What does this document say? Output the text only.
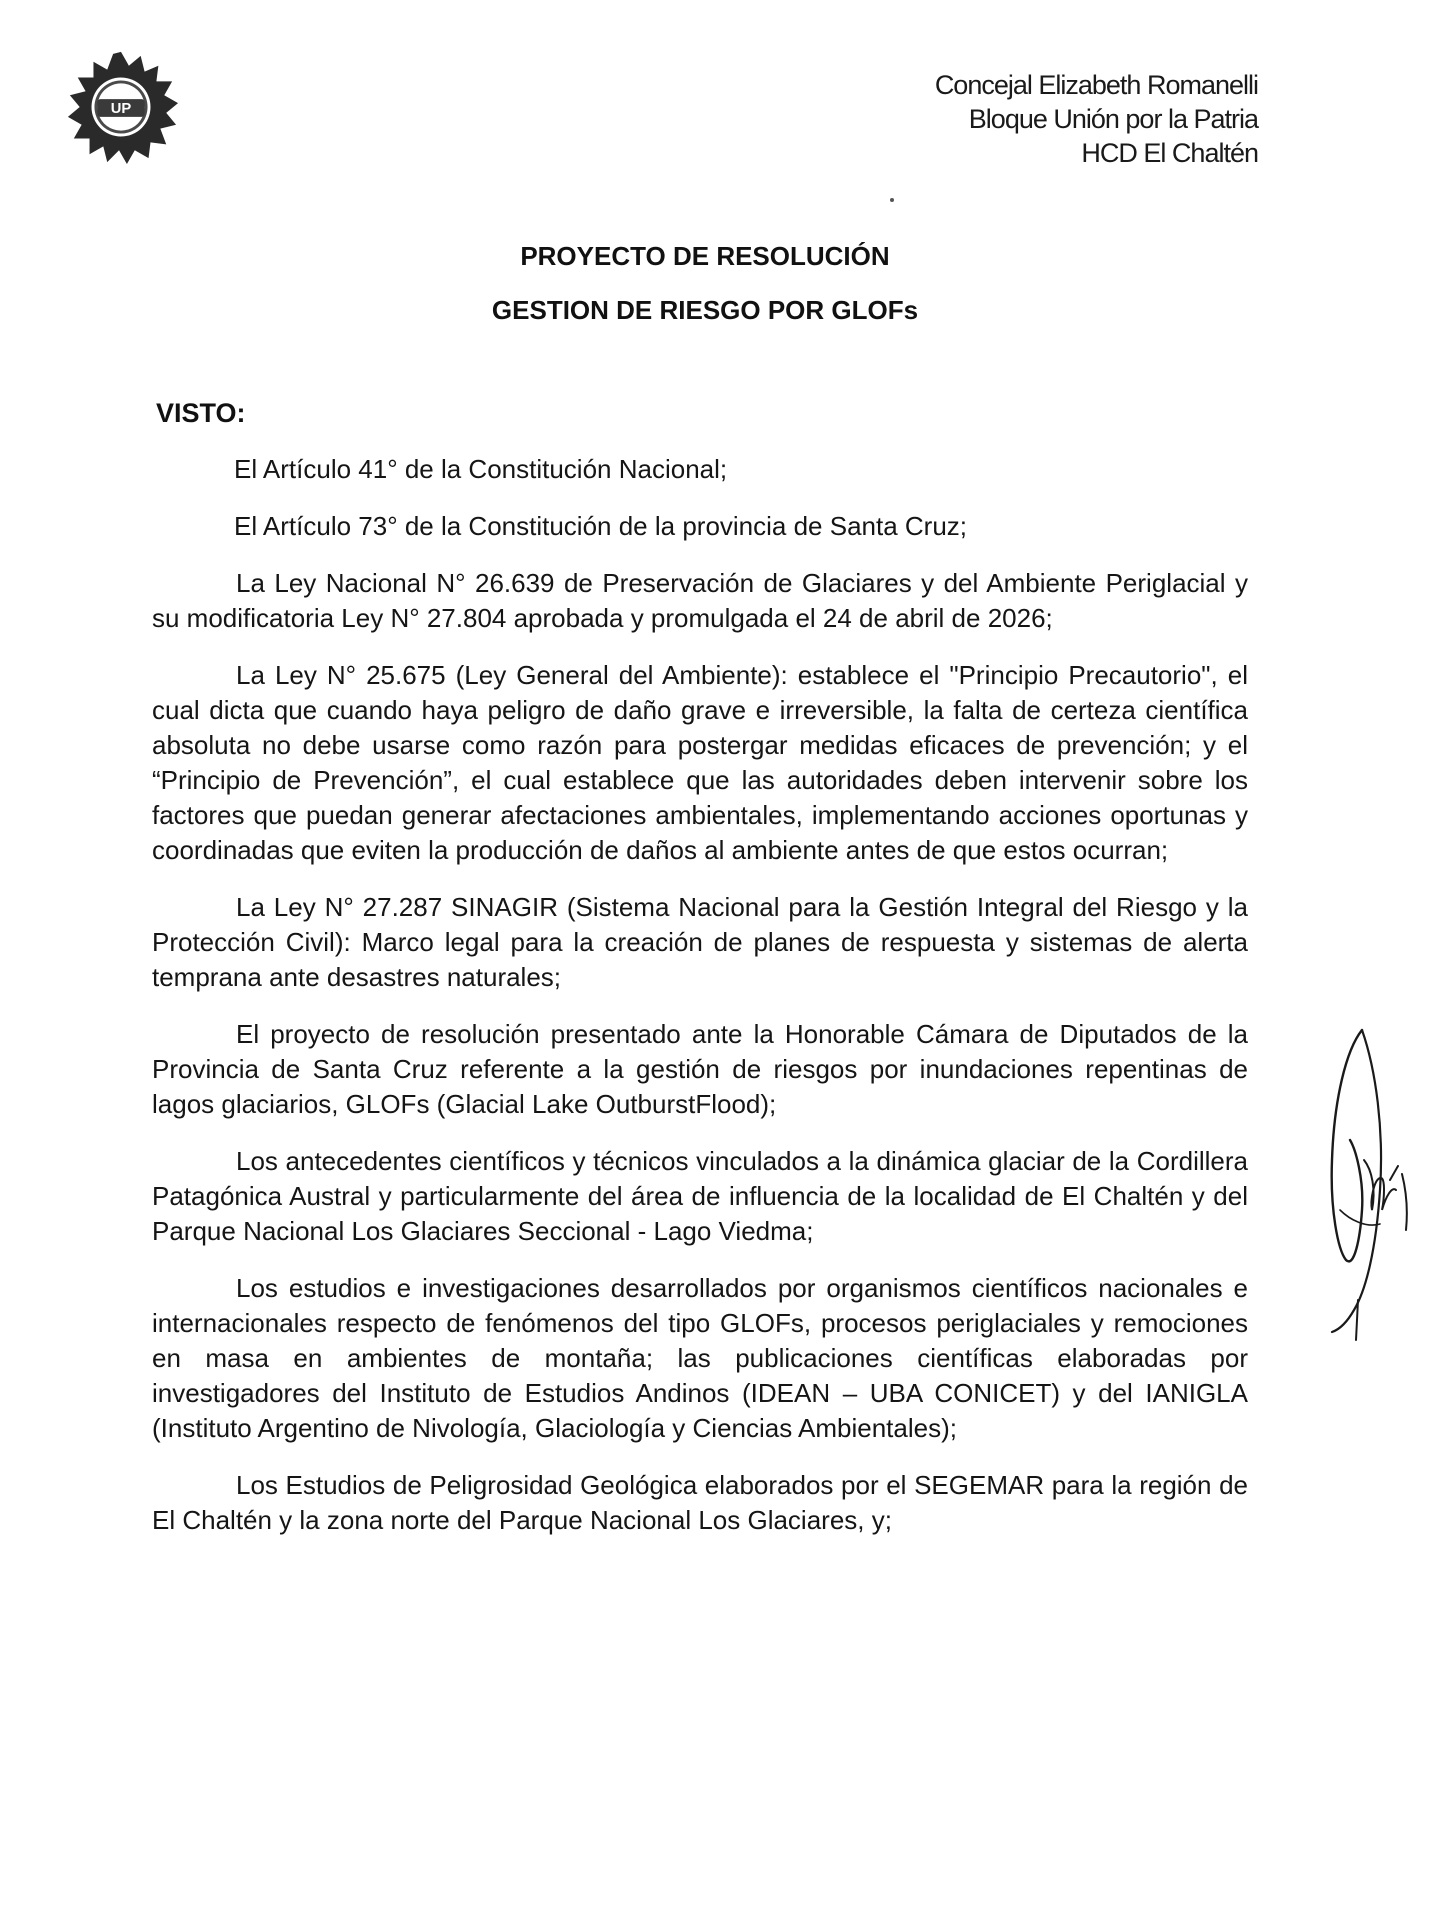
UP
Concejal Elizabeth Romanelli
Bloque Unión por la Patria
HCD El Chaltén
PROYECTO DE RESOLUCIÓN
GESTION DE RIESGO POR GLOFs
VISTO:

El Artículo 41° de la Constitución Nacional;

El Artículo 73° de la Constitución de la provincia de Santa Cruz;

La Ley Nacional N° 26.639 de Preservación de Glaciares y del Ambiente Periglacial y su modificatoria Ley N° 27.804 aprobada y promulgada el 24 de abril de 2026;

La Ley N° 25.675 (Ley General del Ambiente): establece el "Principio Precautorio", el cual dicta que cuando haya peligro de daño grave e irreversible, la falta de certeza científica absoluta no debe usarse como razón para postergar medidas eficaces de prevención; y el “Principio de Prevención”, el cual establece que las autoridades deben intervenir sobre los factores que puedan generar afectaciones ambientales, implementando acciones oportunas y coordinadas que eviten la producción de daños al ambiente antes de que estos ocurran;

La Ley N° 27.287 SINAGIR (Sistema Nacional para la Gestión Integral del Riesgo y la Protección Civil): Marco legal para la creación de planes de respuesta y sistemas de alerta temprana ante desastres naturales;

El proyecto de resolución presentado ante la Honorable Cámara de Diputados de la Provincia de Santa Cruz referente a la gestión de riesgos por inundaciones repentinas de lagos glaciarios, GLOFs (Glacial Lake OutburstFlood);

Los antecedentes científicos y técnicos vinculados a la dinámica glaciar de la Cordillera Patagónica Austral y particularmente del área de influencia de la localidad de El Chaltén y del Parque Nacional Los Glaciares Seccional - Lago Viedma;

Los estudios e investigaciones desarrollados por organismos científicos nacionales e internacionales respecto de fenómenos del tipo GLOFs, procesos periglaciales y remociones en masa en ambientes de montaña; las publicaciones científicas elaboradas por investigadores del Instituto de Estudios Andinos (IDEAN – UBA CONICET) y del IANIGLA (Instituto Argentino de Nivología, Glaciología y Ciencias Ambientales);

Los Estudios de Peligrosidad Geológica elaborados por el SEGEMAR para la región de El Chaltén y la zona norte del Parque Nacional Los Glaciares, y;
